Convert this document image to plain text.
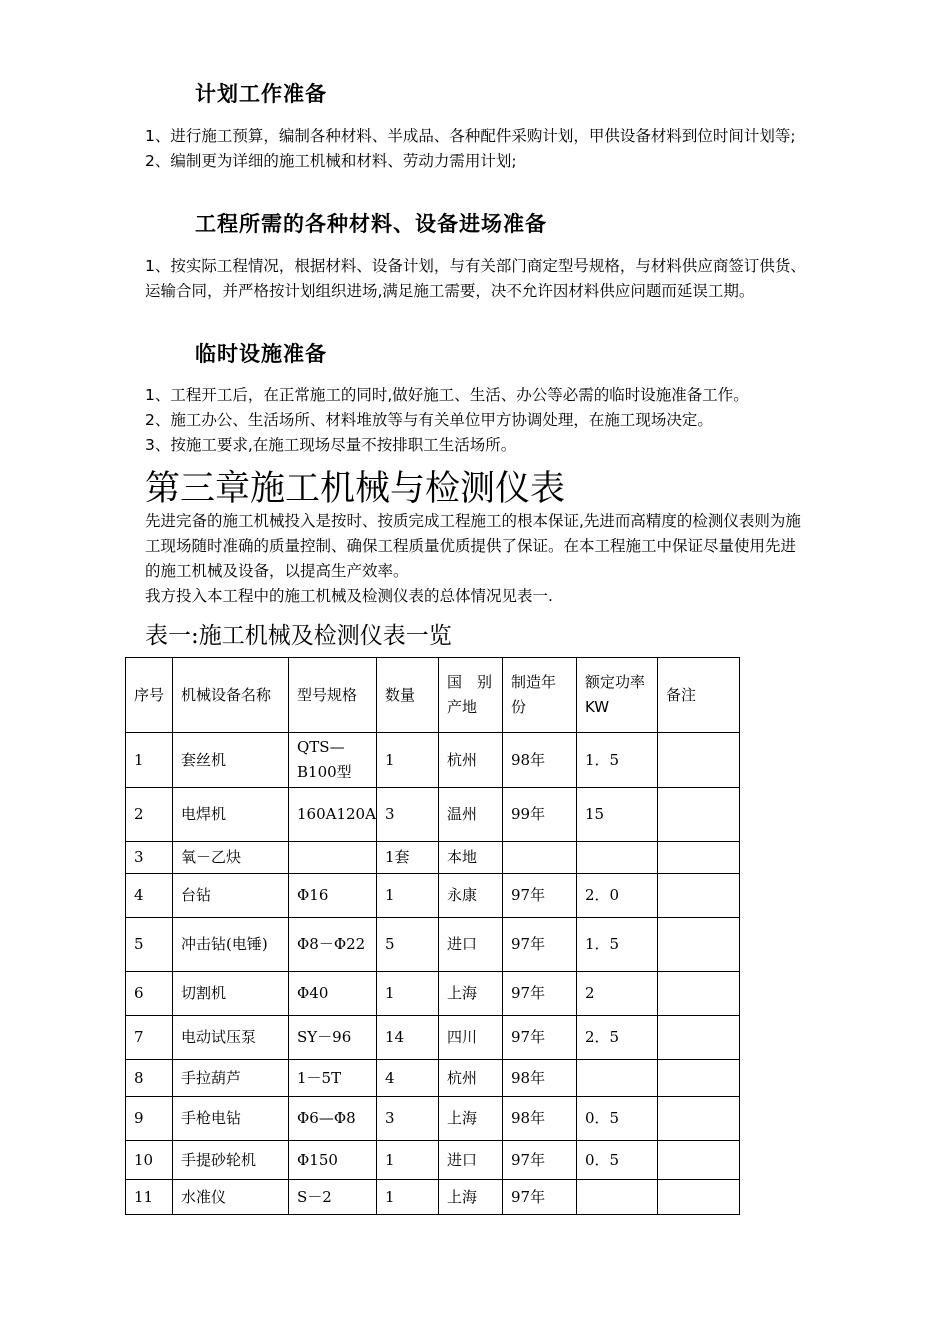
计划工作准备
1、进行施工预算，编制各种材料、半成品、各种配件采购计划，甲供设备材料到位时间计划等;
2、编制更为详细的施工机械和材料、劳动力需用计划;
工程所需的各种材料、设备进场准备
1、按实际工程情况，根据材料、设备计划，与有关部门商定型号规格，与材料供应商签订供货、运输合同，并严格按计划组织进场,满足施工需要，决不允许因材料供应问题而延误工期。
临时设施准备
1、工程开工后，在正常施工的同时,做好施工、生活、办公等必需的临时设施准备工作。
2、施工办公、生活场所、材料堆放等与有关单位甲方协调处理，在施工现场决定。
3、按施工要求,在施工现场尽量不按排职工生活场所。
第三章施工机械与检测仪表
先进完备的施工机械投入是按时、按质完成工程施工的根本保证,先进而高精度的检测仪表则为施工现场随时准确的质量控制、确保工程质量优质提供了保证。在本工程施工中保证尽量使用先进的施工机械及设备，以提高生产效率。
我方投入本工程中的施工机械及检测仪表的总体情况见表一.
表一:施工机械及检测仪表一览
序号	机械设备名称	型号规格	数量	国　别产地	制造年份	额定功率KW	备注
1	套丝机	QTS—B100型	1	杭州	98年	1．5	
2	电焊机	160A120A	3	温州	99年	15	
3	氧－乙炔		1套	本地			
4	台钻	Φ16	1	永康	97年	2．0	
5	冲击钻(电锤)	Φ8－Φ22	5	进口	97年	1．5	
6	切割机	Φ40	1	上海	97年	2	
7	电动试压泵	SY－96	14	四川	97年	2．5	
8	手拉葫芦	1－5T	4	杭州	98年		
9	手枪电钻	Φ6—Φ8	3	上海	98年	0．5	
10	手提砂轮机	Φ150	1	进口	97年	0．5	
11	水准仪	S－2	1	上海	97年		
